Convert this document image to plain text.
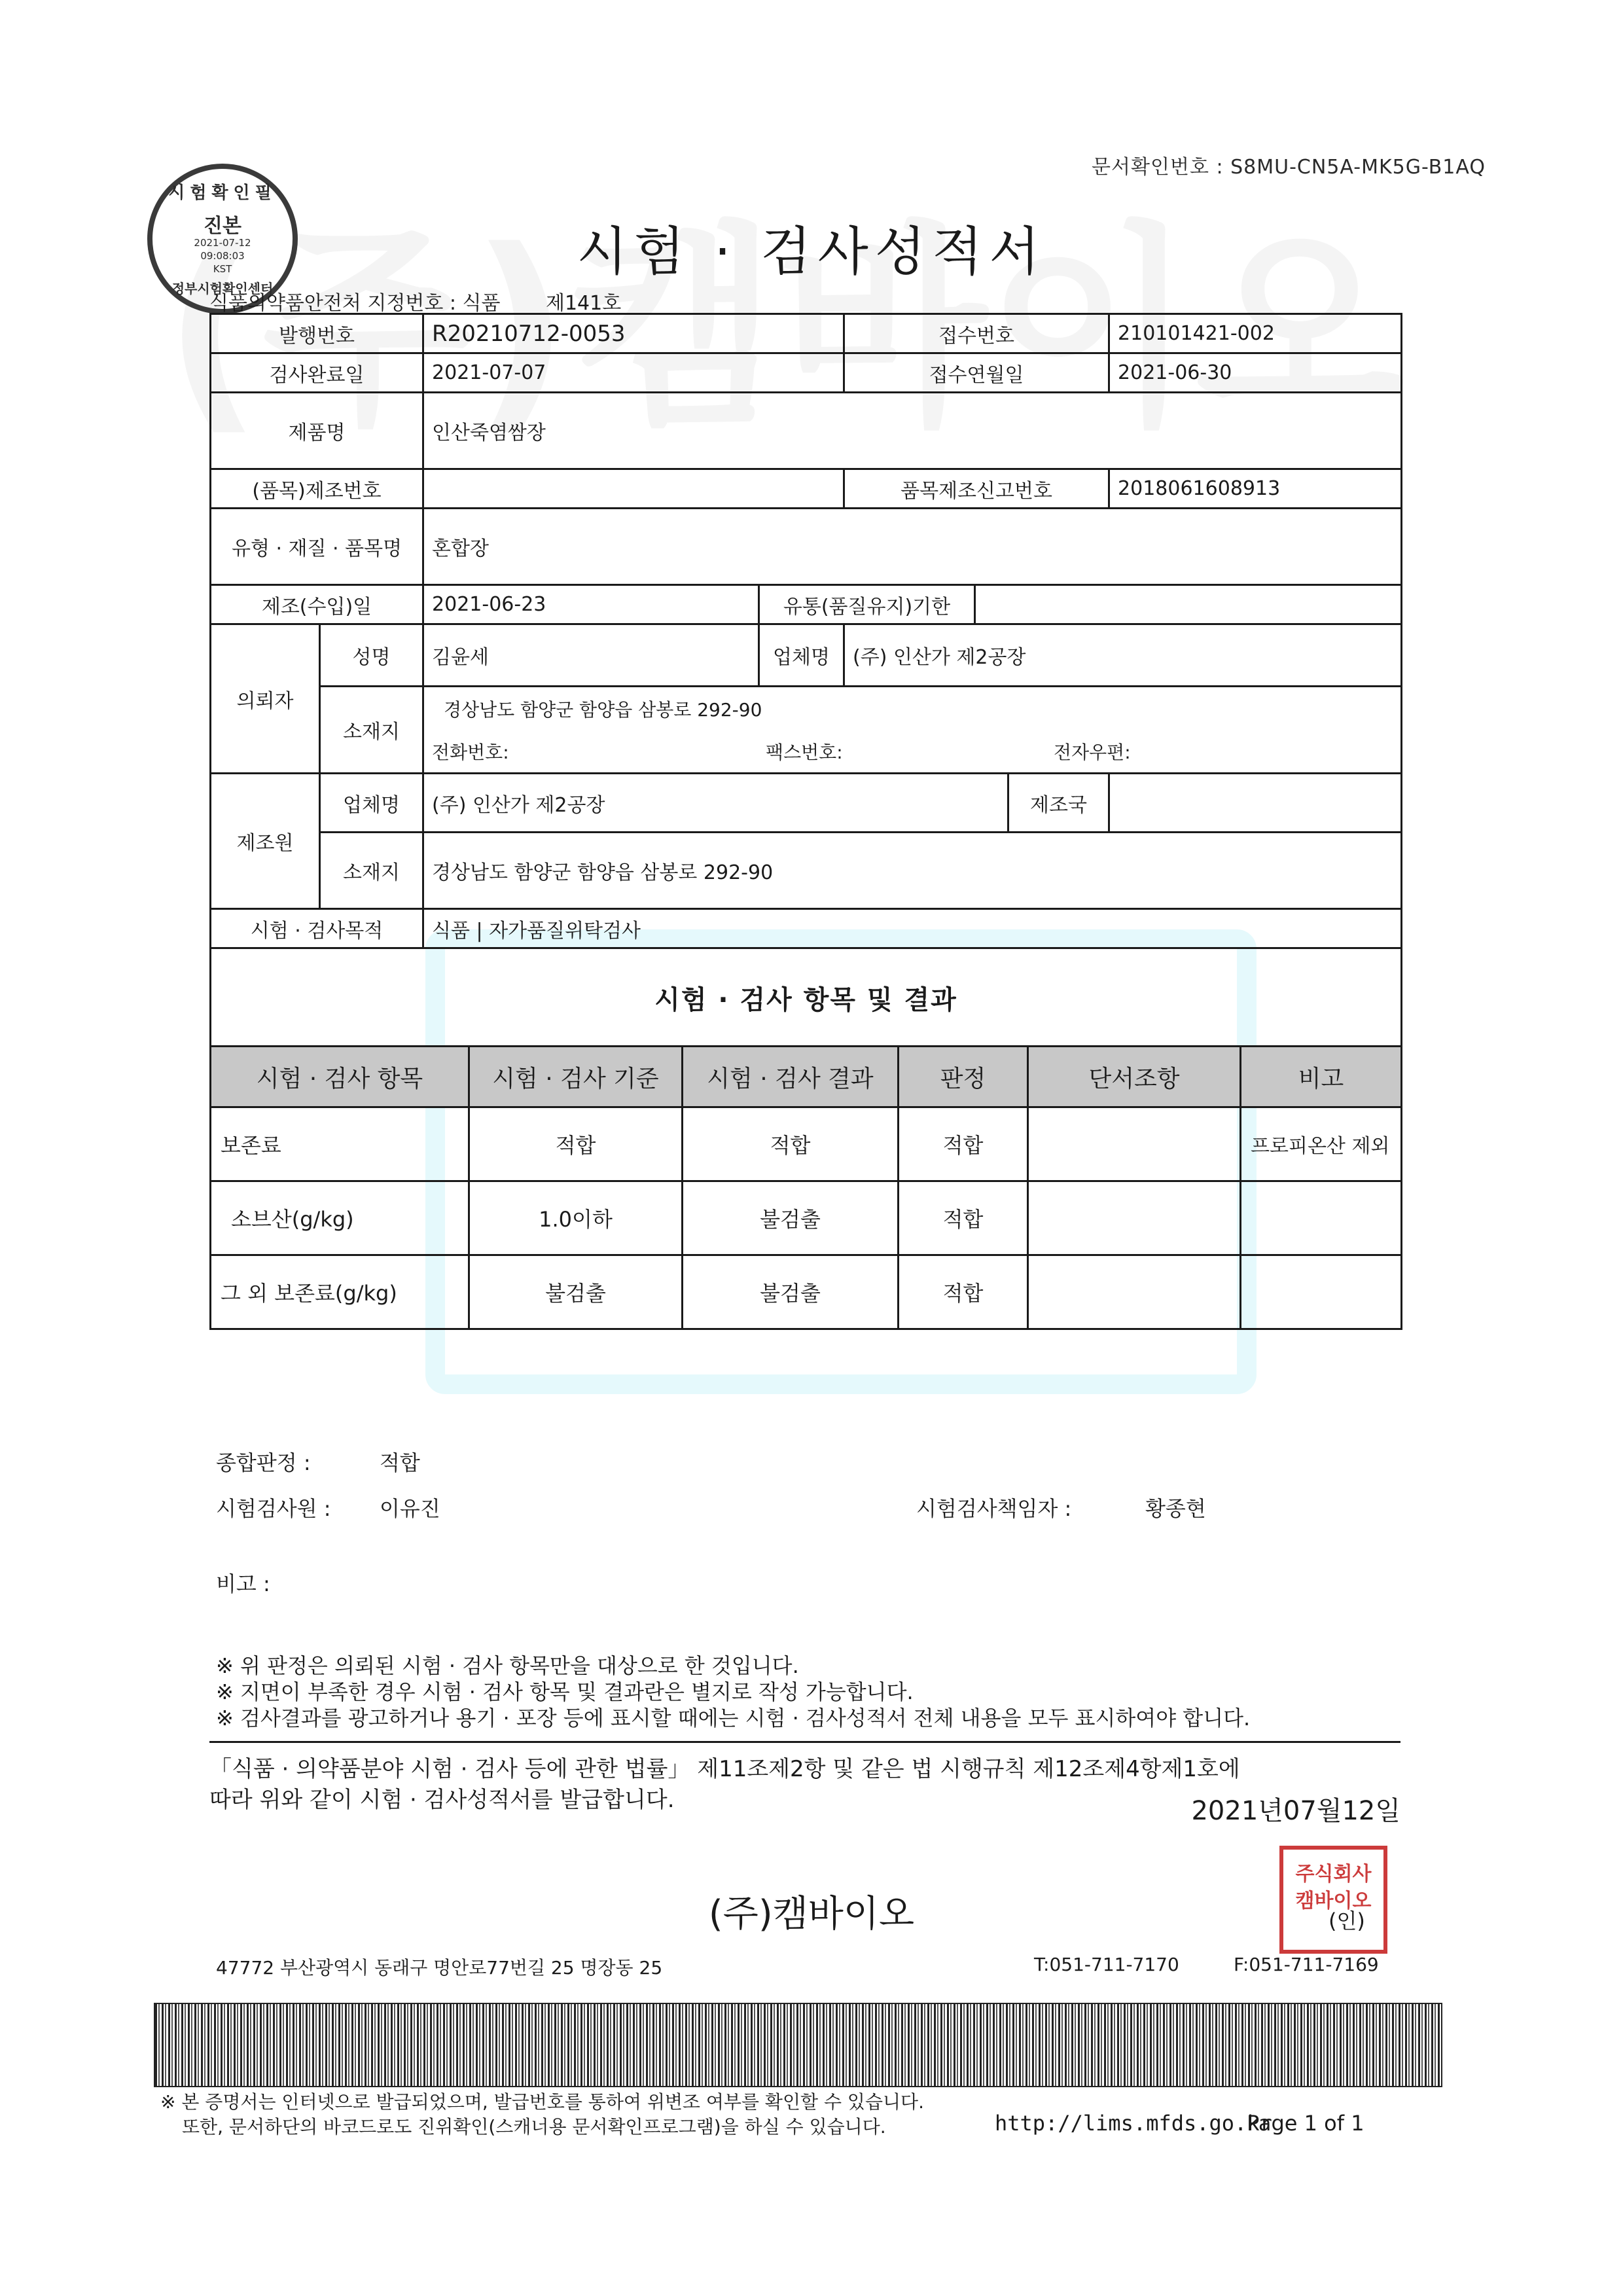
문서확인번호 : S8MU-CN5A-MK5G-B1AQ
시험확인필
진본
2021-07-12
09:08:03
KST
정부시험확인센터
시험 · 검사성적서
식품의약품안전처 지정번호 : 식품 제141호
발행번호		R20210712-0053		접수번호			210101421-002
검사완료일		2021-07-07		접수연월일			2021-06-30
제품명		인산죽염쌈장					
(품목)제조번호				품목제조신고번호			2018061608913
유형 · 재질 · 품목명		혼합장					
제조(수입)일		2021-06-23	유통(품질유지)기한				
의뢰자	성명	김윤세	업체명	(주) 인산가 제2공장			
	소재지	경상남도 함양군 함양읍 삼봉로 292-90
전화번호: 팩스번호: 전자우편:					

제조원	업체명	(주) 인산가 제2공장				제조국	
	소재지	경상남도 함양군 함양읍 삼봉로 292-90					
시험 · 검사목적		식품 | 자가품질위탁검사					
시험 · 검사 항목 및 결과							
시험 · 검사 항목	시험 · 검사 기준	시험 · 검사 결과	판정	단서조항	비고
보존료	적합	적합	적합		프로피온산 제외
소브산(g/kg)	1.0이하	불검출	적합		
그 외 보존료(g/kg)	불검출	불검출	적합		
종합판정 :	적합
시험검사원 : 이유진	시험검사책임자 :	황종현
비고 :
※ 위 판정은 의뢰된 시험 · 검사 항목만을 대상으로 한 것입니다.
※ 지면이 부족한 경우 시험 · 검사 항목 및 결과란은 별지로 작성 가능합니다.
※ 검사결과를 광고하거나 용기 · 포장 등에 표시할 때에는 시험 · 검사성적서 전체 내용을 모두 표시하여야 합니다.
「식품 · 의약품분야 시험 · 검사 등에 관한 법률」 제11조제2항 및 같은 법 시행규칙 제12조제4항제1호에
따라 위와 같이 시험 · 검사성적서를 발급합니다.	2021년07월12일
(주)캠바이오
주식회사
캠바이오
(인)
47772 부산광역시 동래구 명안로77번길 25 명장동 25	T:051-711-7170	F:051-711-7169
※ 본 증명서는 인터넷으로 발급되었으며, 발급번호를 통하여 위변조 여부를 확인할 수 있습니다.
또한, 문서하단의 바코드로도 진위확인(스캐너용 문서확인프로그램)을 하실 수 있습니다.	http://lims.mfds.go.kr
Page 1 of 1
